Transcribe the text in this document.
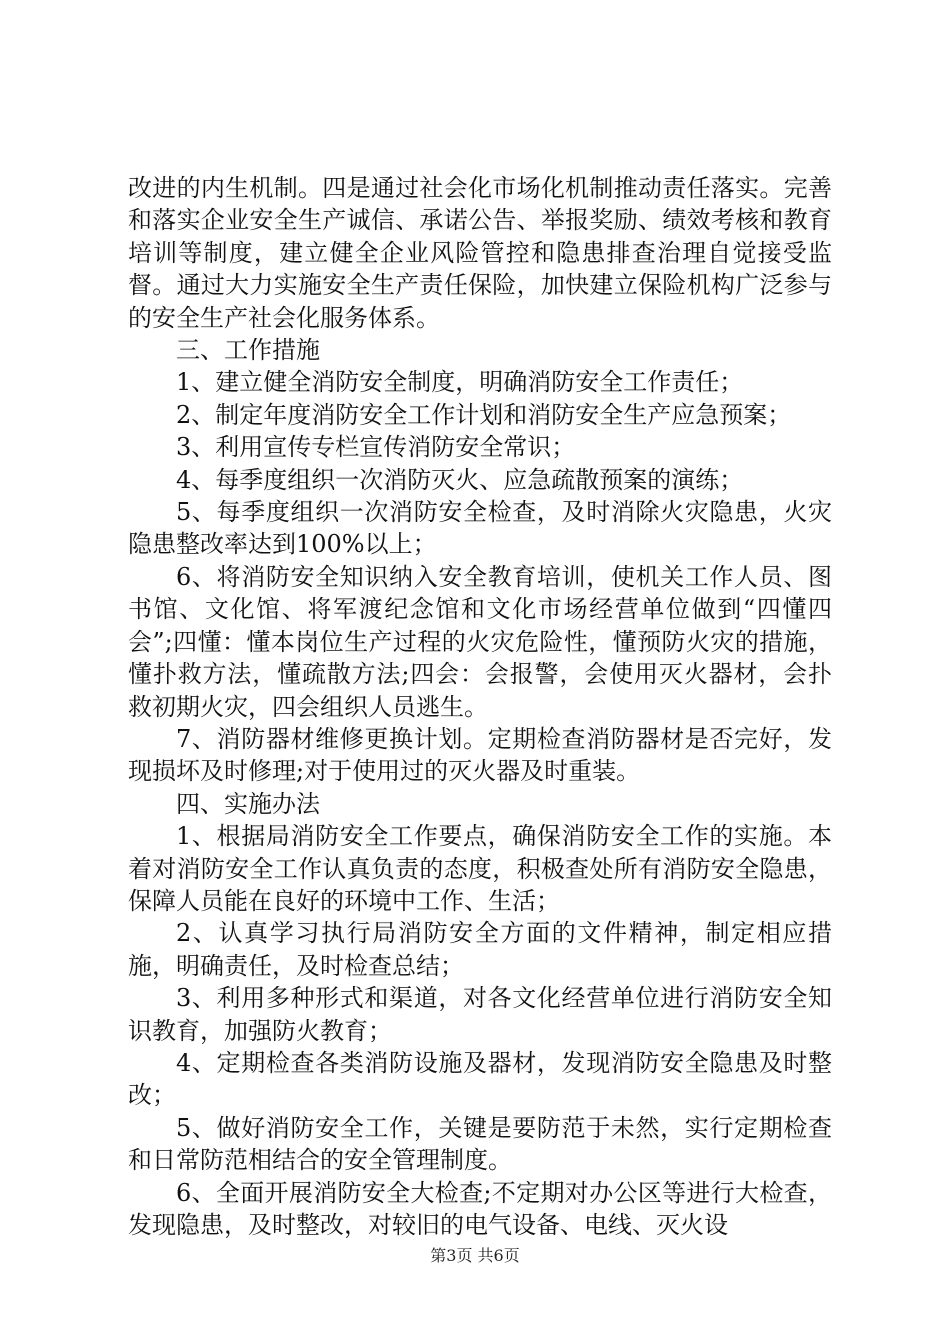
改进的内生机制。四是通过社会化市场化机制推动责任落实。完善和落实企业安全生产诚信、承诺公告、举报奖励、绩效考核和教育培训等制度，建立健全企业风险管控和隐患排查治理自觉接受监督。通过大力实施安全生产责任保险，加快建立保险机构广泛参与的安全生产社会化服务体系。

三、工作措施

1、建立健全消防安全制度，明确消防安全工作责任；

2、制定年度消防安全工作计划和消防安全生产应急预案；

3、利用宣传专栏宣传消防安全常识；

4、每季度组织一次消防灭火、应急疏散预案的演练；

5、每季度组织一次消防安全检查，及时消除火灾隐患，火灾隐患整改率达到100%以上；

6、将消防安全知识纳入安全教育培训，使机关工作人员、图书馆、文化馆、将军渡纪念馆和文化市场经营单位做到“四懂四会”;四懂：懂本岗位生产过程的火灾危险性，懂预防火灾的措施，懂扑救方法，懂疏散方法;四会：会报警，会使用灭火器材，会扑救初期火灾，四会组织人员逃生。

7、消防器材维修更换计划。定期检查消防器材是否完好，发现损坏及时修理;对于使用过的灭火器及时重装。

四、实施办法

1、根据局消防安全工作要点，确保消防安全工作的实施。本着对消防安全工作认真负责的态度，积极查处所有消防安全隐患，保障人员能在良好的环境中工作、生活；

2、认真学习执行局消防安全方面的文件精神，制定相应措施，明确责任，及时检查总结；

3、利用多种形式和渠道，对各文化经营单位进行消防安全知识教育，加强防火教育；

4、定期检查各类消防设施及器材，发现消防安全隐患及时整改；

5、做好消防安全工作，关键是要防范于未然，实行定期检查和日常防范相结合的安全管理制度。

6、全面开展消防安全大检查;不定期对办公区等进行大检查，发现隐患，及时整改，对较旧的电气设备、电线、灭火设

第3页 共6页
